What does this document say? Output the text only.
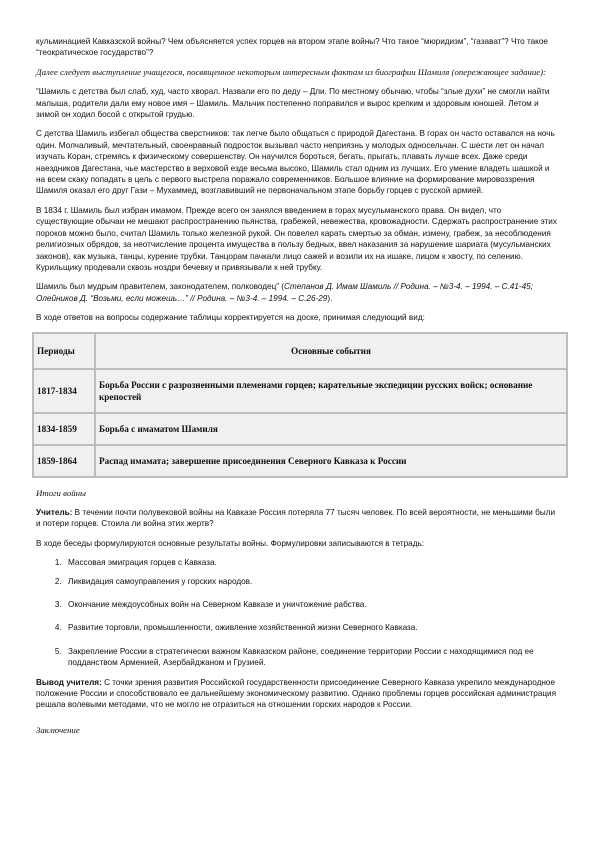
кульминацией Кавказской войны? Чем объясняется успех горцев на втором этапе войны? Что такое “мюридизм”, “газават”? Что такое “теократическое государство”?

Далее следует выступление учащегося, посвященное некоторым интересным фактам из биографии Шамиля (опережающее задание):

“Шамиль с детства был слаб, худ, часто хворал. Назвали его по деду – Дли. По местному обычаю, чтобы “злые духи” не смогли найти малыша, родители дали ему новое имя – Шамиль. Мальчик постепенно поправился и вырос крепким и здоровым юношей. Летом и зимой он ходил босой с открытой грудью.

С детства Шамиль избегал общества сверстников: так легче было общаться с природой Дагестана. В горах он часто оставался на ночь один. Молчаливый, мечтательный, своенравный подросток вызывал часто неприязнь у молодых односельчан. С шести лет он начал изучать Коран, стремясь к физическому совершенству. Он научился бороться, бегать, прыгать, плавать лучше всех. Даже среди наездников Дагестана, чье мастерство в верховой езде весьма высоко, Шамиль стал одним из лучших. Его умение владеть шашкой и на всем скаку попадать в цель с первого выстрела поражало современников. Большое влияние на формирование мировоззрения Шамиля оказал его друг Гази – Мухаммед, возглавивший не первоначальном этапе борьбу горцев с русской армией.

В 1834 г. Шамиль был избран имамом. Прежде всего он занялся введением в горах мусульманского права. Он видел, что существующие обычаи не мешают распространению пьянства, грабежей, невежества, кровожадности. Сдержать распространение этих пороков можно было, считал Шамиль только железной рукой. Он повелел карать смертью за обман, измену, грабеж, за несоблюдения религиозных обрядов, за неотчисление процента имущества в пользу бедных, ввел наказания за нарушение шариата (мусульманских законов), как музыка, танцы, курение трубки. Танцорам пачкали лицо сажей и возили их на ишаке, лицом к хвосту, по селению. Курильщику продевали сквозь ноздри бечевку и привязывали к ней трубку.

Шамиль был мудрым правителем, законодателем, полководец” (Степанов Д. Имам Шамиль // Родина. – №3-4. – 1994. – С.41-45; Олейников Д. “Возьми, если можешь…” // Родина. – №3-4. – 1994. – С.26-29).

В ходе ответов на вопросы содержание таблицы корректируется на доске, принимая следующий вид:

Периоды	Основные события
1817-1834	Борьба России с разрозненными племенами горцев; карательные экспедиции русских войск; основание крепостей
1834-1859	Борьба с имаматом Шамиля
1859-1864	Распад имамата; завершение присоединения Северного Кавказа к России

Итоги войны

Учитель: В течении почти полувековой войны на Кавказе Россия потеряла 77 тысяч человек. По всей вероятности, не меньшими были и потери горцев. Стоила ли война этих жертв?

В ходе беседы формулируются основные результаты войны. Формулировки записываются в тетрадь:

1. Массовая эмиграция горцев с Кавказа.
2. Ликвидация самоуправления у горских народов.
3. Окончание междоусобных войн на Северном Кавказе и уничтожение рабства.
4. Развитие торговли, промышленности, оживление хозяйственной жизни Северного Кавказа.
5. Закрепление России в стратегически важном Кавказском районе, соединение территории России с находящимися под ее подданством Арменией, Азербайджаном и Грузией.

Вывод учителя: С точки зрения развития Российской государственности присоединение Северного Кавказа укрепило международное положение России и способствовало ее дальнейшему экономическому развитию. Однако проблемы горцев российская администрация решала волевыми методами, что не могло не отразиться на отношении горских народов к России.

Заключение
